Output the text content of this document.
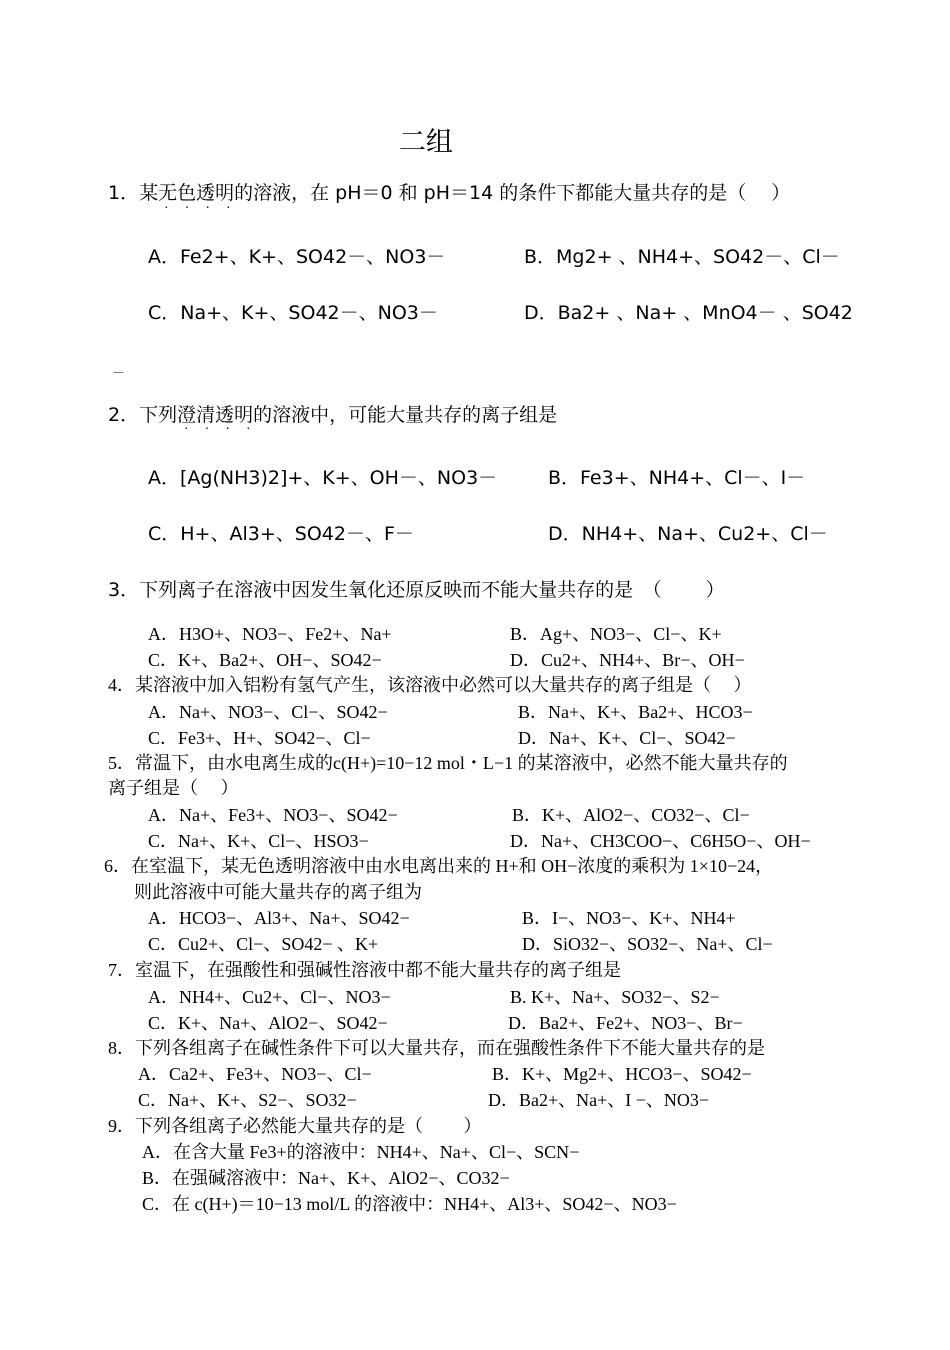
二组
1．某无色透明的溶液，在 pH＝0 和 pH＝14 的条件下都能大量共存的是（　 ）
····
A．Fe2+、K+、SO42－、NO3－	B．Mg2+ 、NH4+、SO42－、Cl－
C．Na+、K+、SO42－、NO3－	D．Ba2+ 、Na+ 、MnO4－ 、SO42
－
2．下列澄清透明的溶液中，可能大量共存的离子组是
····
A．[Ag(NH3)2]+、K+、OH－、NO3－	B．Fe3+、NH4+、Cl－、I－
C．H+、Al3+、SO42－、F－	D．NH4+、Na+、Cu2+、Cl－
3．下列离子在溶液中因发生氧化还原反映而不能大量共存的是　（　　 ）
A．H3O+、NO3−、Fe2+、Na+	B．Ag+、NO3−、Cl−、K+
C．K+、Ba2+、OH−、SO42−	D．Cu2+、NH4+、Br−、OH−
4．某溶液中加入铝粉有氢气产生，该溶液中必然可以大量共存的离子组是（　 ）
A．Na+、NO3−、Cl−、SO42−	B．Na+、K+、Ba2+、HCO3−
C．Fe3+、H+、SO42−、Cl−	D．Na+、K+、Cl−、SO42−
5．常温下，由水电离生成的c(H+)=10−12 mol・L−1 的某溶液中，必然不能大量共存的
离子组是（　 ）
A．Na+、Fe3+、NO3−、SO42−	B．K+、AlO2−、CO32−、Cl−
C．Na+、K+、Cl−、HSO3−	D．Na+、CH3COO−、C6H5O−、OH−
6．在室温下，某无色透明溶液中由水电离出来的 H+和 OH−浓度的乘积为 1×10−24，
则此溶液中可能大量共存的离子组为
A．HCO3−、Al3+、Na+、SO42−	B．I−、NO3−、K+、NH4+
C．Cu2+、Cl−、SO42− 、K+	D．SiO32−、SO32−、Na+、Cl−
7．室温下，在强酸性和强碱性溶液中都不能大量共存的离子组是
A．NH4+、Cu2+、Cl−、NO3−	B. K+、Na+、SO32−、S2−
C．K+、Na+、AlO2−、SO42−	D．Ba2+、Fe2+、NO3−、Br−
8．下列各组离子在碱性条件下可以大量共存，而在强酸性条件下不能大量共存的是
A．Ca2+、Fe3+、NO3−、Cl−	B．K+、Mg2+、HCO3−、SO42−
C．Na+、K+、S2−、SO32−	D．Ba2+、Na+、I −、NO3−
9．下列各组离子必然能大量共存的是（　　 ）
A．在含大量 Fe3+的溶液中：NH4+、Na+、Cl−、SCN−
B．在强碱溶液中：Na+、K+、AlO2−、CO32−
C．在 c(H+)＝10−13 mol/L 的溶液中：NH4+、Al3+、SO42−、NO3−
